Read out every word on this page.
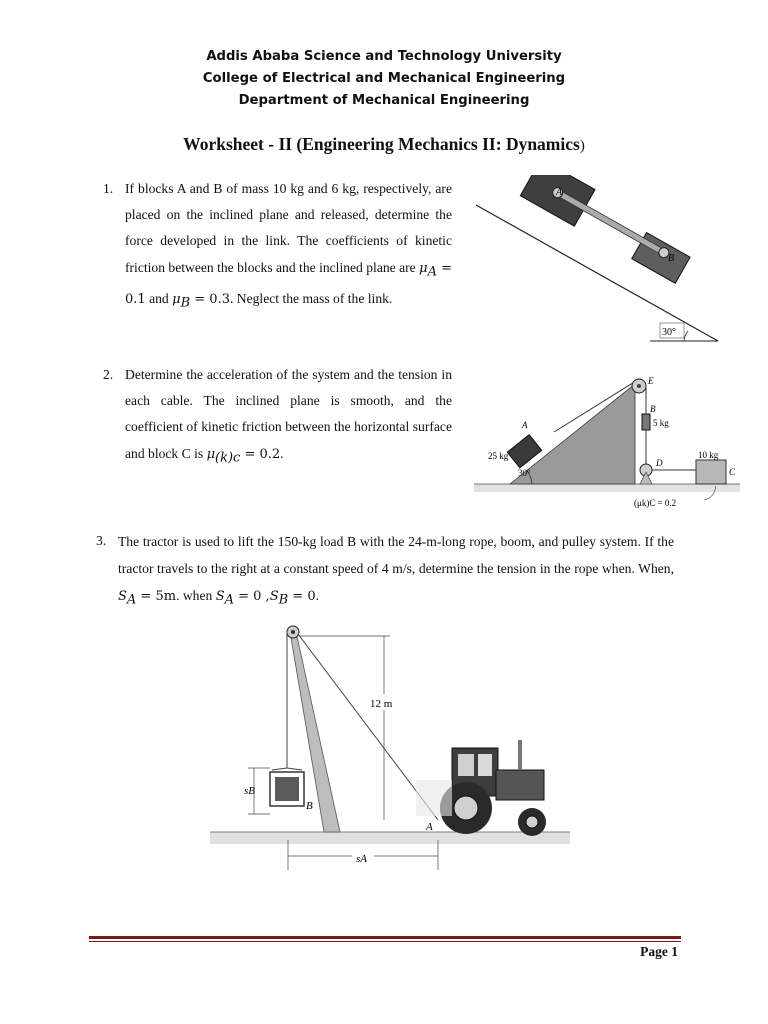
Addis Ababa Science and Technology University
College of Electrical and Mechanical Engineering
Department of Mechanical Engineering
Worksheet - II (Engineering Mechanics II: Dynamics)
1. If blocks A and B of mass 10 kg and 6 kg, respectively, are placed on the inclined plane and released, determine the force developed in the link. The coefficients of kinetic friction between the blocks and the inclined plane are $\mu_A = 0.1$ and $\mu_B = 0.3$. Neglect the mass of the link.
A
B
30°
2. Determine the acceleration of the system and the tension in each cable. The inclined plane is smooth, and the coefficient of kinetic friction between the horizontal surface and block C is $\mu_{(k)c} = 0.2$.
A
25 kg
30°
E
B
5 kg
D
10 kg
C
(μk)C = 0.2
3. The tractor is used to lift the 150-kg load B with the 24-m-long rope, boom, and pulley system. If the tractor travels to the right at a constant speed of 4 m/s, determine the tension in the rope when. When, $S_A = 5m$. when $S_A = 0$ $,S_B = 0$.
sB
B
12 m
A
sA
Page 1
